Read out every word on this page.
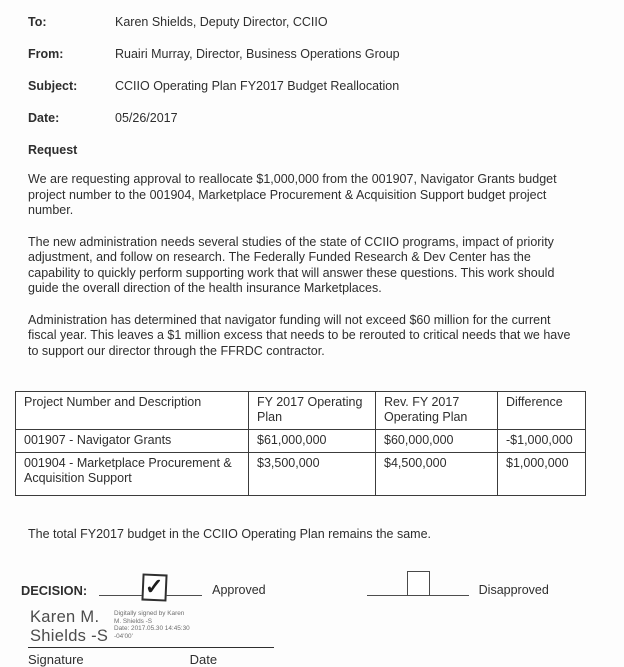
To:	Karen Shields, Deputy Director, CCIIO
From:	Ruairi Murray, Director, Business Operations Group
Subject:	CCIIO Operating Plan FY2017 Budget Reallocation
Date:	05/26/2017
Request

We are requesting approval to reallocate $1,000,000 from the 001907, Navigator Grants budget project number to the 001904, Marketplace Procurement & Acquisition Support budget project number.

The new administration needs several studies of the state of CCIIO programs, impact of priority adjustment, and follow on research. The Federally Funded Research & Dev Center has the capability to quickly perform supporting work that will answer these questions. This work should guide the overall direction of the health insurance Marketplaces.

Administration has determined that navigator funding will not exceed $60 million for the current fiscal year. This leaves a $1 million excess that needs to be rerouted to critical needs that we have to support our director through the FFRDC contractor.

Project Number and Description	FY 2017 Operating Plan	Rev. FY 2017 Operating Plan	Difference
001907 - Navigator Grants	$61,000,000	$60,000,000	-$1,000,000
001904 - Marketplace Procurement & Acquisition Support	$3,500,000	$4,500,000	$1,000,000

The total FY2017 budget in the CCIIO Operating Plan remains the same.

DECISION:	✓	Approved	Disapproved
Karen M.
Shields -S
Digitally signed by Karen
M. Shields -S
Date: 2017.05.30 14:45:30
-04'00'
Signature	Date
